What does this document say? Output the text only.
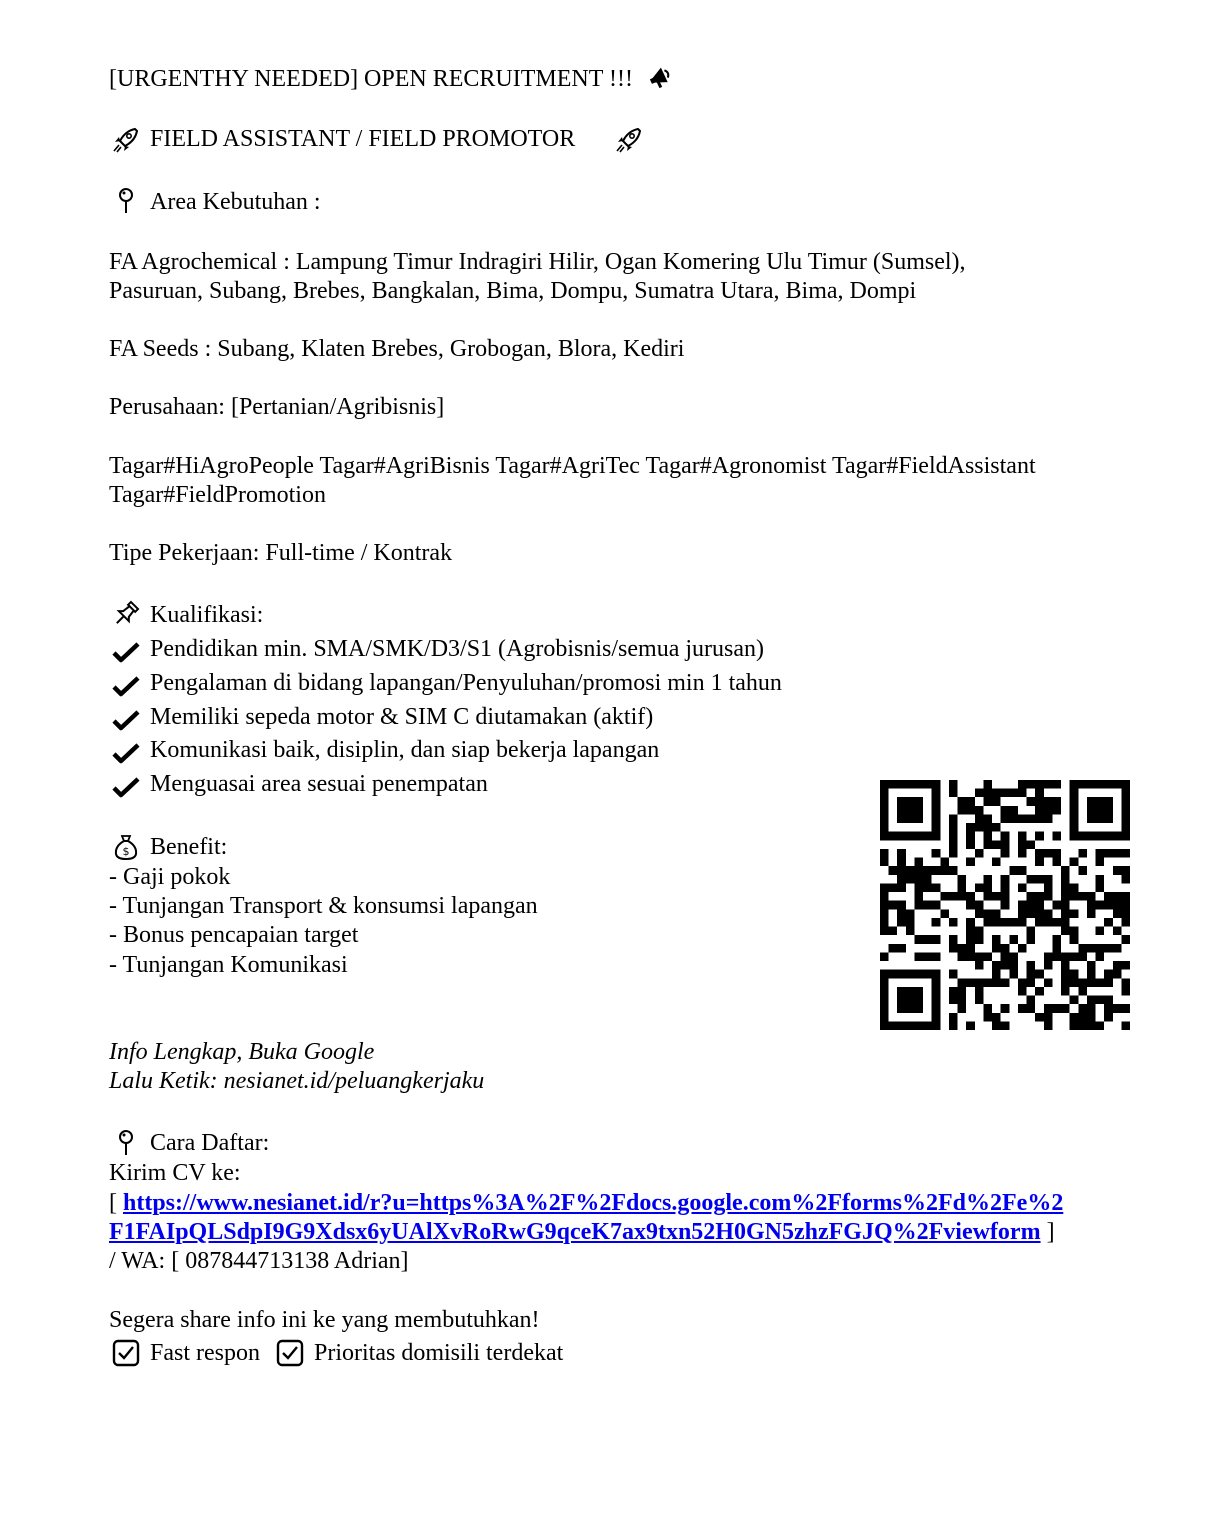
[URGENTHY NEEDED] OPEN RECRUITMENT !!!
FIELD ASSISTANT / FIELD PROMOTOR
Area Kebutuhan :
FA Agrochemical : Lampung Timur Indragiri Hilir, Ogan Komering Ulu Timur (Sumsel),
Pasuruan, Subang, Brebes, Bangkalan, Bima, Dompu, Sumatra Utara, Bima, Dompi
FA Seeds : Subang, Klaten Brebes, Grobogan, Blora, Kediri
Perusahaan: [Pertanian/Agribisnis]
Tagar#HiAgroPeople Tagar#AgriBisnis Tagar#AgriTec Tagar#Agronomist Tagar#FieldAssistant
Tagar#FieldPromotion
Tipe Pekerjaan: Full-time / Kontrak
Kualifikasi:
Pendidikan min. SMA/SMK/D3/S1 (Agrobisnis/semua jurusan)
Pengalaman di bidang lapangan/Penyuluhan/promosi min 1 tahun
Memiliki sepeda motor & SIM C diutamakan (aktif)
Komunikasi baik, disiplin, dan siap bekerja lapangan
Menguasai area sesuai penempatan
$ Benefit:
- Gaji pokok
- Tunjangan Transport & konsumsi lapangan
- Bonus pencapaian target
- Tunjangan Komunikasi
Info Lengkap, Buka Google
Lalu Ketik: nesianet.id/peluangkerjaku
Cara Daftar:
Kirim CV ke:
[ https://www.nesianet.id/r?u=https%3A%2F%2Fdocs.google.com%2Fforms%2Fd%2Fe%2
F1FAIpQLSdpI9G9Xdsx6yUAlXvRoRwG9qceK7ax9txn52H0GN5zhzFGJQ%2Fviewform ]
/ WA: [ 087844713138 Adrian]
Segera share info ini ke yang membutuhkan!
Fast respon Prioritas domisili terdekat
